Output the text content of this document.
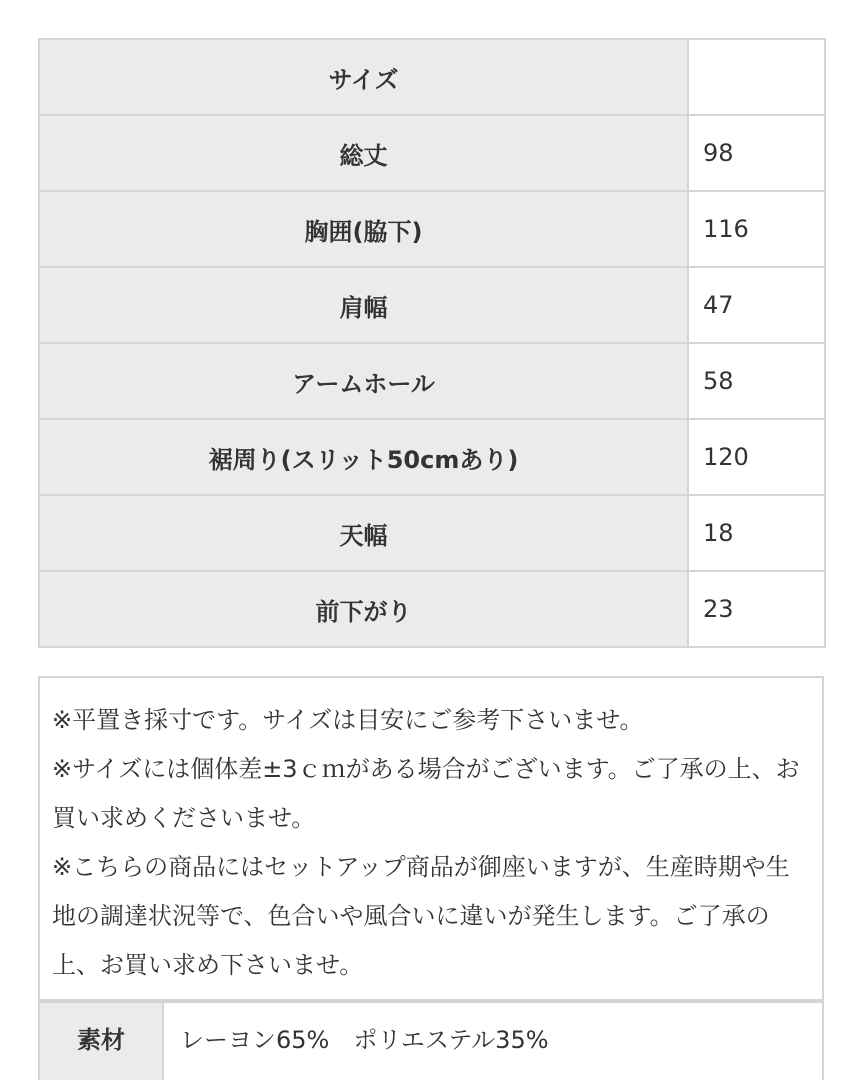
サイズ	
総丈	98
胸囲(脇下)	116
肩幅	47
アームホール	58
裾周り(スリット50cmあり)	120
天幅	18
前下がり	23

※平置き採寸です。サイズは目安にご参考下さいませ。

※サイズには個体差±3ｃｍがある場合がございます。ご了承の上、お買い求めくださいませ。

※こちらの商品にはセットアップ商品が御座いますが、生産時期や生地の調達状況等で、色合いや風合いに違いが発生します。ご了承の上、お買い求め下さいませ。

素材	レーヨン65%　ポリエステル35%
